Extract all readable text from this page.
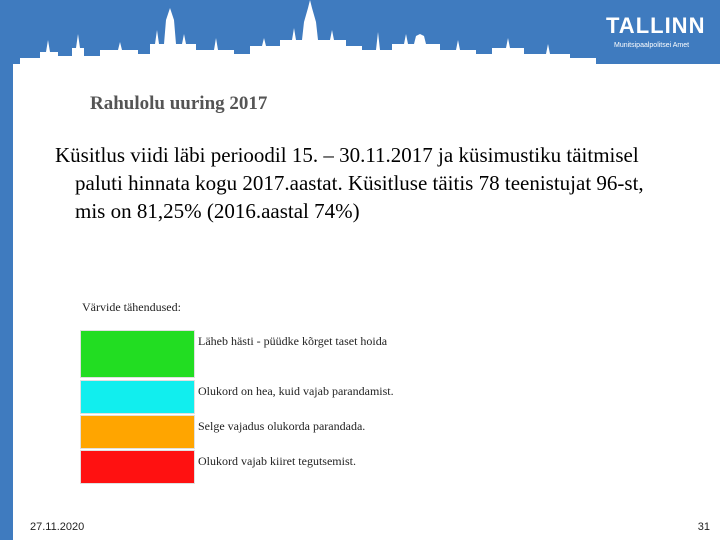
TALLINN
Munitsipaalpolitsei Amet
Rahulolu uuring 2017

Küsitlus viidi läbi perioodil 15. – 30.11.2017 ja küsimustiku täitmisel paluti hinnata kogu 2017.aastat. Küsitluse täitis 78 teenistujat 96-st, mis on 81,25% (2016.aastal 74%)

Värvide tähendused:
Läheb hästi - püüdke kõrget taset hoida
Olukord on hea, kuid vajab parandamist.
Selge vajadus olukorda parandada.
Olukord vajab kiiret tegutsemist.
27.11.2020	31
